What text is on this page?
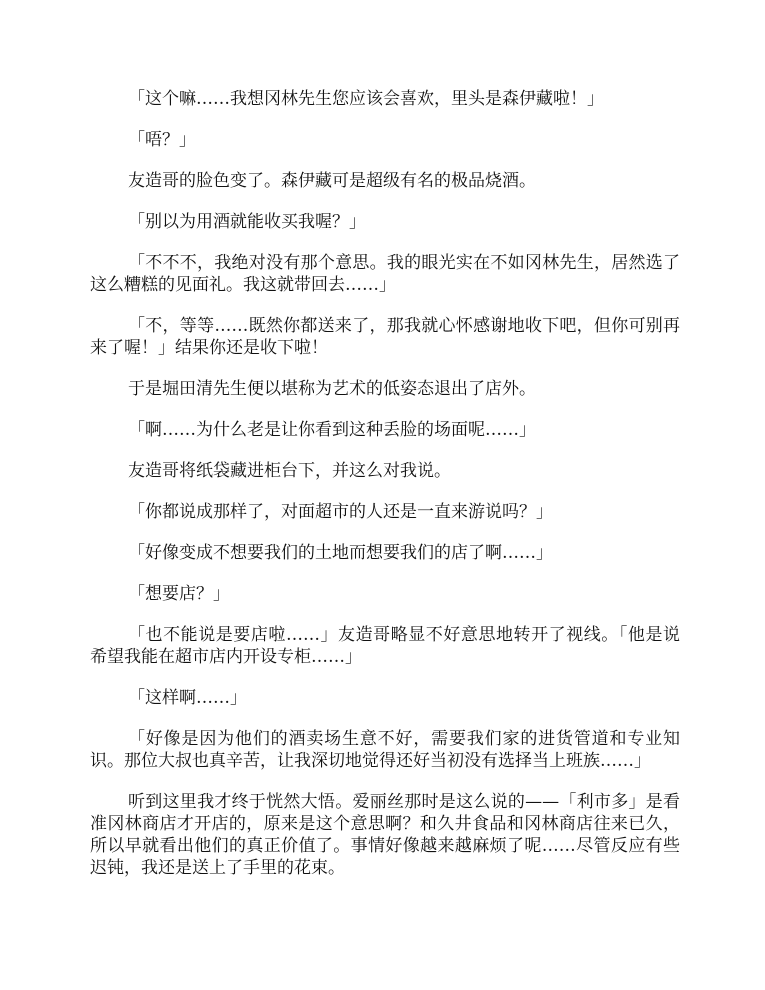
「这个嘛……我想冈林先生您应该会喜欢，里头是森伊藏啦！」

「唔？」

友造哥的脸色变了。森伊藏可是超级有名的极品烧酒。

「别以为用酒就能收买我喔？」

「不不不，我绝对没有那个意思。我的眼光实在不如冈林先生，居然选了这么糟糕的见面礼。我这就带回去……」

「不，等等……既然你都送来了，那我就心怀感谢地收下吧，但你可别再来了喔！」结果你还是收下啦！

于是堀田清先生便以堪称为艺术的低姿态退出了店外。

「啊……为什么老是让你看到这种丢脸的场面呢……」

友造哥将纸袋藏进柜台下，并这么对我说。

「你都说成那样了，对面超市的人还是一直来游说吗？」

「好像变成不想要我们的土地而想要我们的店了啊……」

「想要店？」

「也不能说是要店啦……」友造哥略显不好意思地转开了视线。「他是说希望我能在超市店内开设专柜……」

「这样啊……」

「好像是因为他们的酒卖场生意不好，需要我们家的进货管道和专业知识。那位大叔也真辛苦，让我深切地觉得还好当初没有选择当上班族……」

听到这里我才终于恍然大悟。爱丽丝那时是这么说的——「利市多」是看准冈林商店才开店的，原来是这个意思啊？和久井食品和冈林商店往来已久，所以早就看出他们的真正价值了。事情好像越来越麻烦了呢……尽管反应有些迟钝，我还是送上了手里的花束。
